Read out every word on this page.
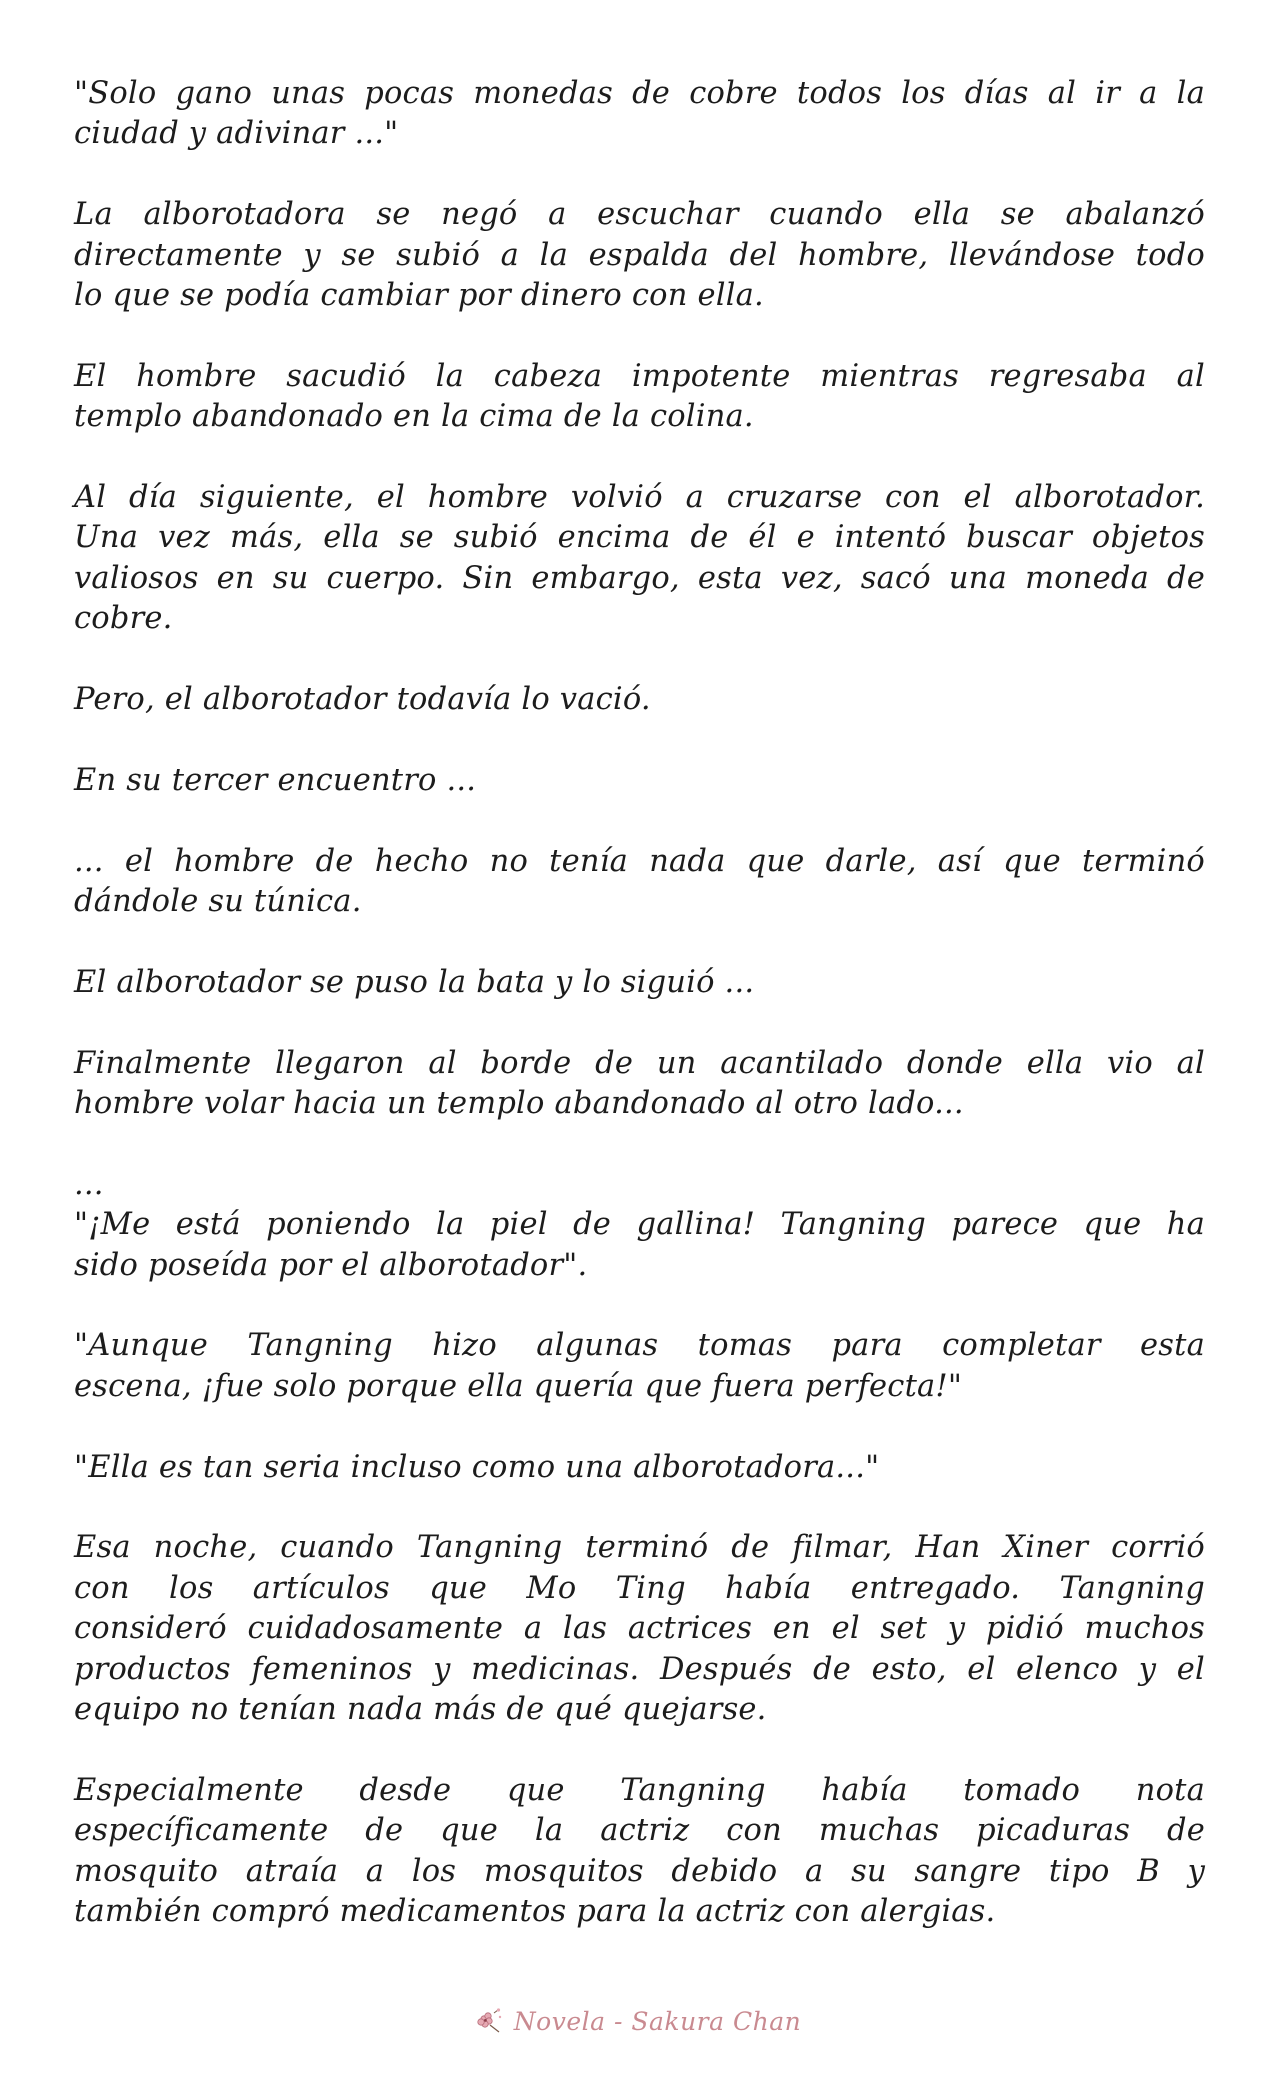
"Solo gano unas pocas monedas de cobre todos los días al ir a la
ciudad y adivinar ..."
La alborotadora se negó a escuchar cuando ella se abalanzó
directamente y se subió a la espalda del hombre, llevándose todo
lo que se podía cambiar por dinero con ella.
El hombre sacudió la cabeza impotente mientras regresaba al
templo abandonado en la cima de la colina.
Al día siguiente, el hombre volvió a cruzarse con el alborotador.
Una vez más, ella se subió encima de él e intentó buscar objetos
valiosos en su cuerpo. Sin embargo, esta vez, sacó una moneda de
cobre.
Pero, el alborotador todavía lo vació.
En su tercer encuentro ...
... el hombre de hecho no tenía nada que darle, así que terminó
dándole su túnica.
El alborotador se puso la bata y lo siguió ...
Finalmente llegaron al borde de un acantilado donde ella vio al
hombre volar hacia un templo abandonado al otro lado...
...
"¡Me está poniendo la piel de gallina! Tangning parece que ha
sido poseída por el alborotador".
"Aunque Tangning hizo algunas tomas para completar esta
escena, ¡fue solo porque ella quería que fuera perfecta!"
"Ella es tan seria incluso como una alborotadora..."
Esa noche, cuando Tangning terminó de filmar, Han Xiner corrió
con los artículos que Mo Ting había entregado. Tangning
consideró cuidadosamente a las actrices en el set y pidió muchos
productos femeninos y medicinas. Después de esto, el elenco y el
equipo no tenían nada más de qué quejarse.
Especialmente desde que Tangning había tomado nota
específicamente de que la actriz con muchas picaduras de
mosquito atraía a los mosquitos debido a su sangre tipo B y
también compró medicamentos para la actriz con alergias.
Novela - Sakura Chan
